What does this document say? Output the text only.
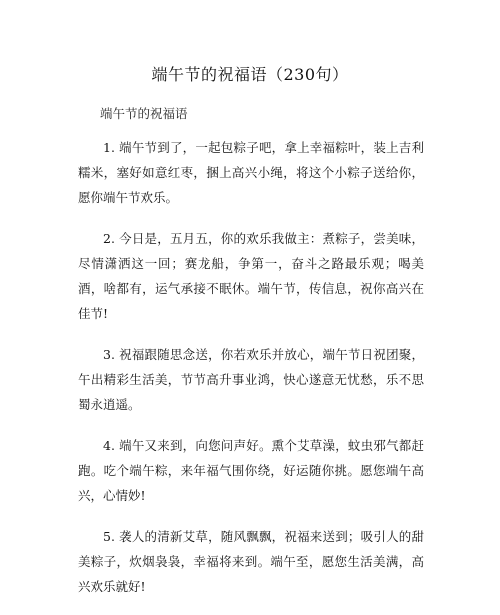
端午节的祝福语（230句）
端午节的祝福语

1. 端午节到了，一起包粽子吧，拿上幸福粽叶，装上吉利糯米，塞好如意红枣，捆上高兴小绳，将这个小粽子送给你，愿你端午节欢乐。

2. 今日是，五月五，你的欢乐我做主：煮粽子，尝美味，尽情潇洒这一回；赛龙船，争第一，奋斗之路最乐观；喝美酒，啥都有，运气承接不眠休。端午节，传信息，祝你高兴在佳节!

3. 祝福跟随思念送，你若欢乐并放心，端午节日祝团聚，午出精彩生活美，节节高升事业鸿，快心遂意无忧愁，乐不思蜀永逍遥。

4. 端午又来到，向您问声好。熏个艾草澡，蚊虫邪气都赶跑。吃个端午粽，来年福气围你绕，好运随你挑。愿您端午高兴，心情妙!

5. 袭人的清新艾草，随风飘飘，祝福来送到；吸引人的甜美粽子，炊烟袅袅，幸福将来到。端午至，愿您生活美满，高兴欢乐就好!
